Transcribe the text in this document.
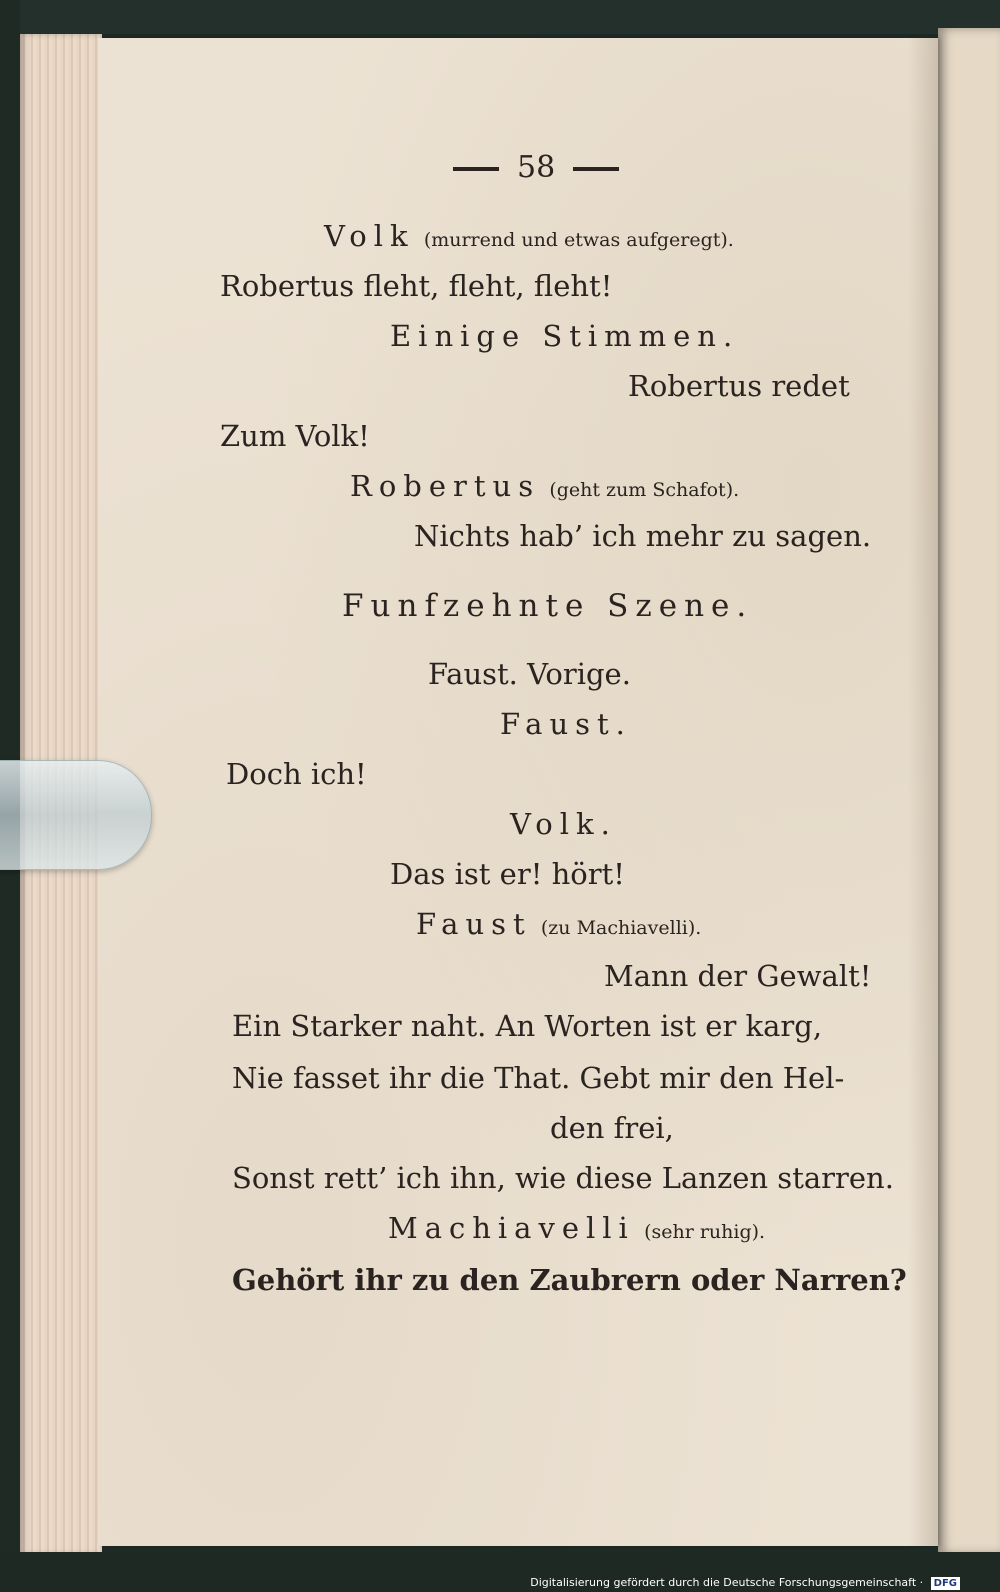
58
Volk (murrend und etwas aufgeregt).
Robertus fleht, fleht, fleht!
Einige Stimmen.
Robertus redet
Zum Volk!
Robertus (geht zum Schafot).
Nichts hab’ ich mehr zu sagen.
Funfzehnte Szene.
Faust. Vorige.
Faust.
Doch ich!
Volk.
Das ist er! hört!
Faust (zu Machiavelli).
Mann der Gewalt!
Ein Starker naht. An Worten ist er karg,
Nie fasset ihr die That. Gebt mir den Hel-
den frei,
Sonst rett’ ich ihn, wie diese Lanzen starren.
Machiavelli (sehr ruhig).
Gehört ihr zu den Zaubrern oder Narren?
Digitalisierung gefördert durch die Deutsche Forschungsgemeinschaft · DFG
